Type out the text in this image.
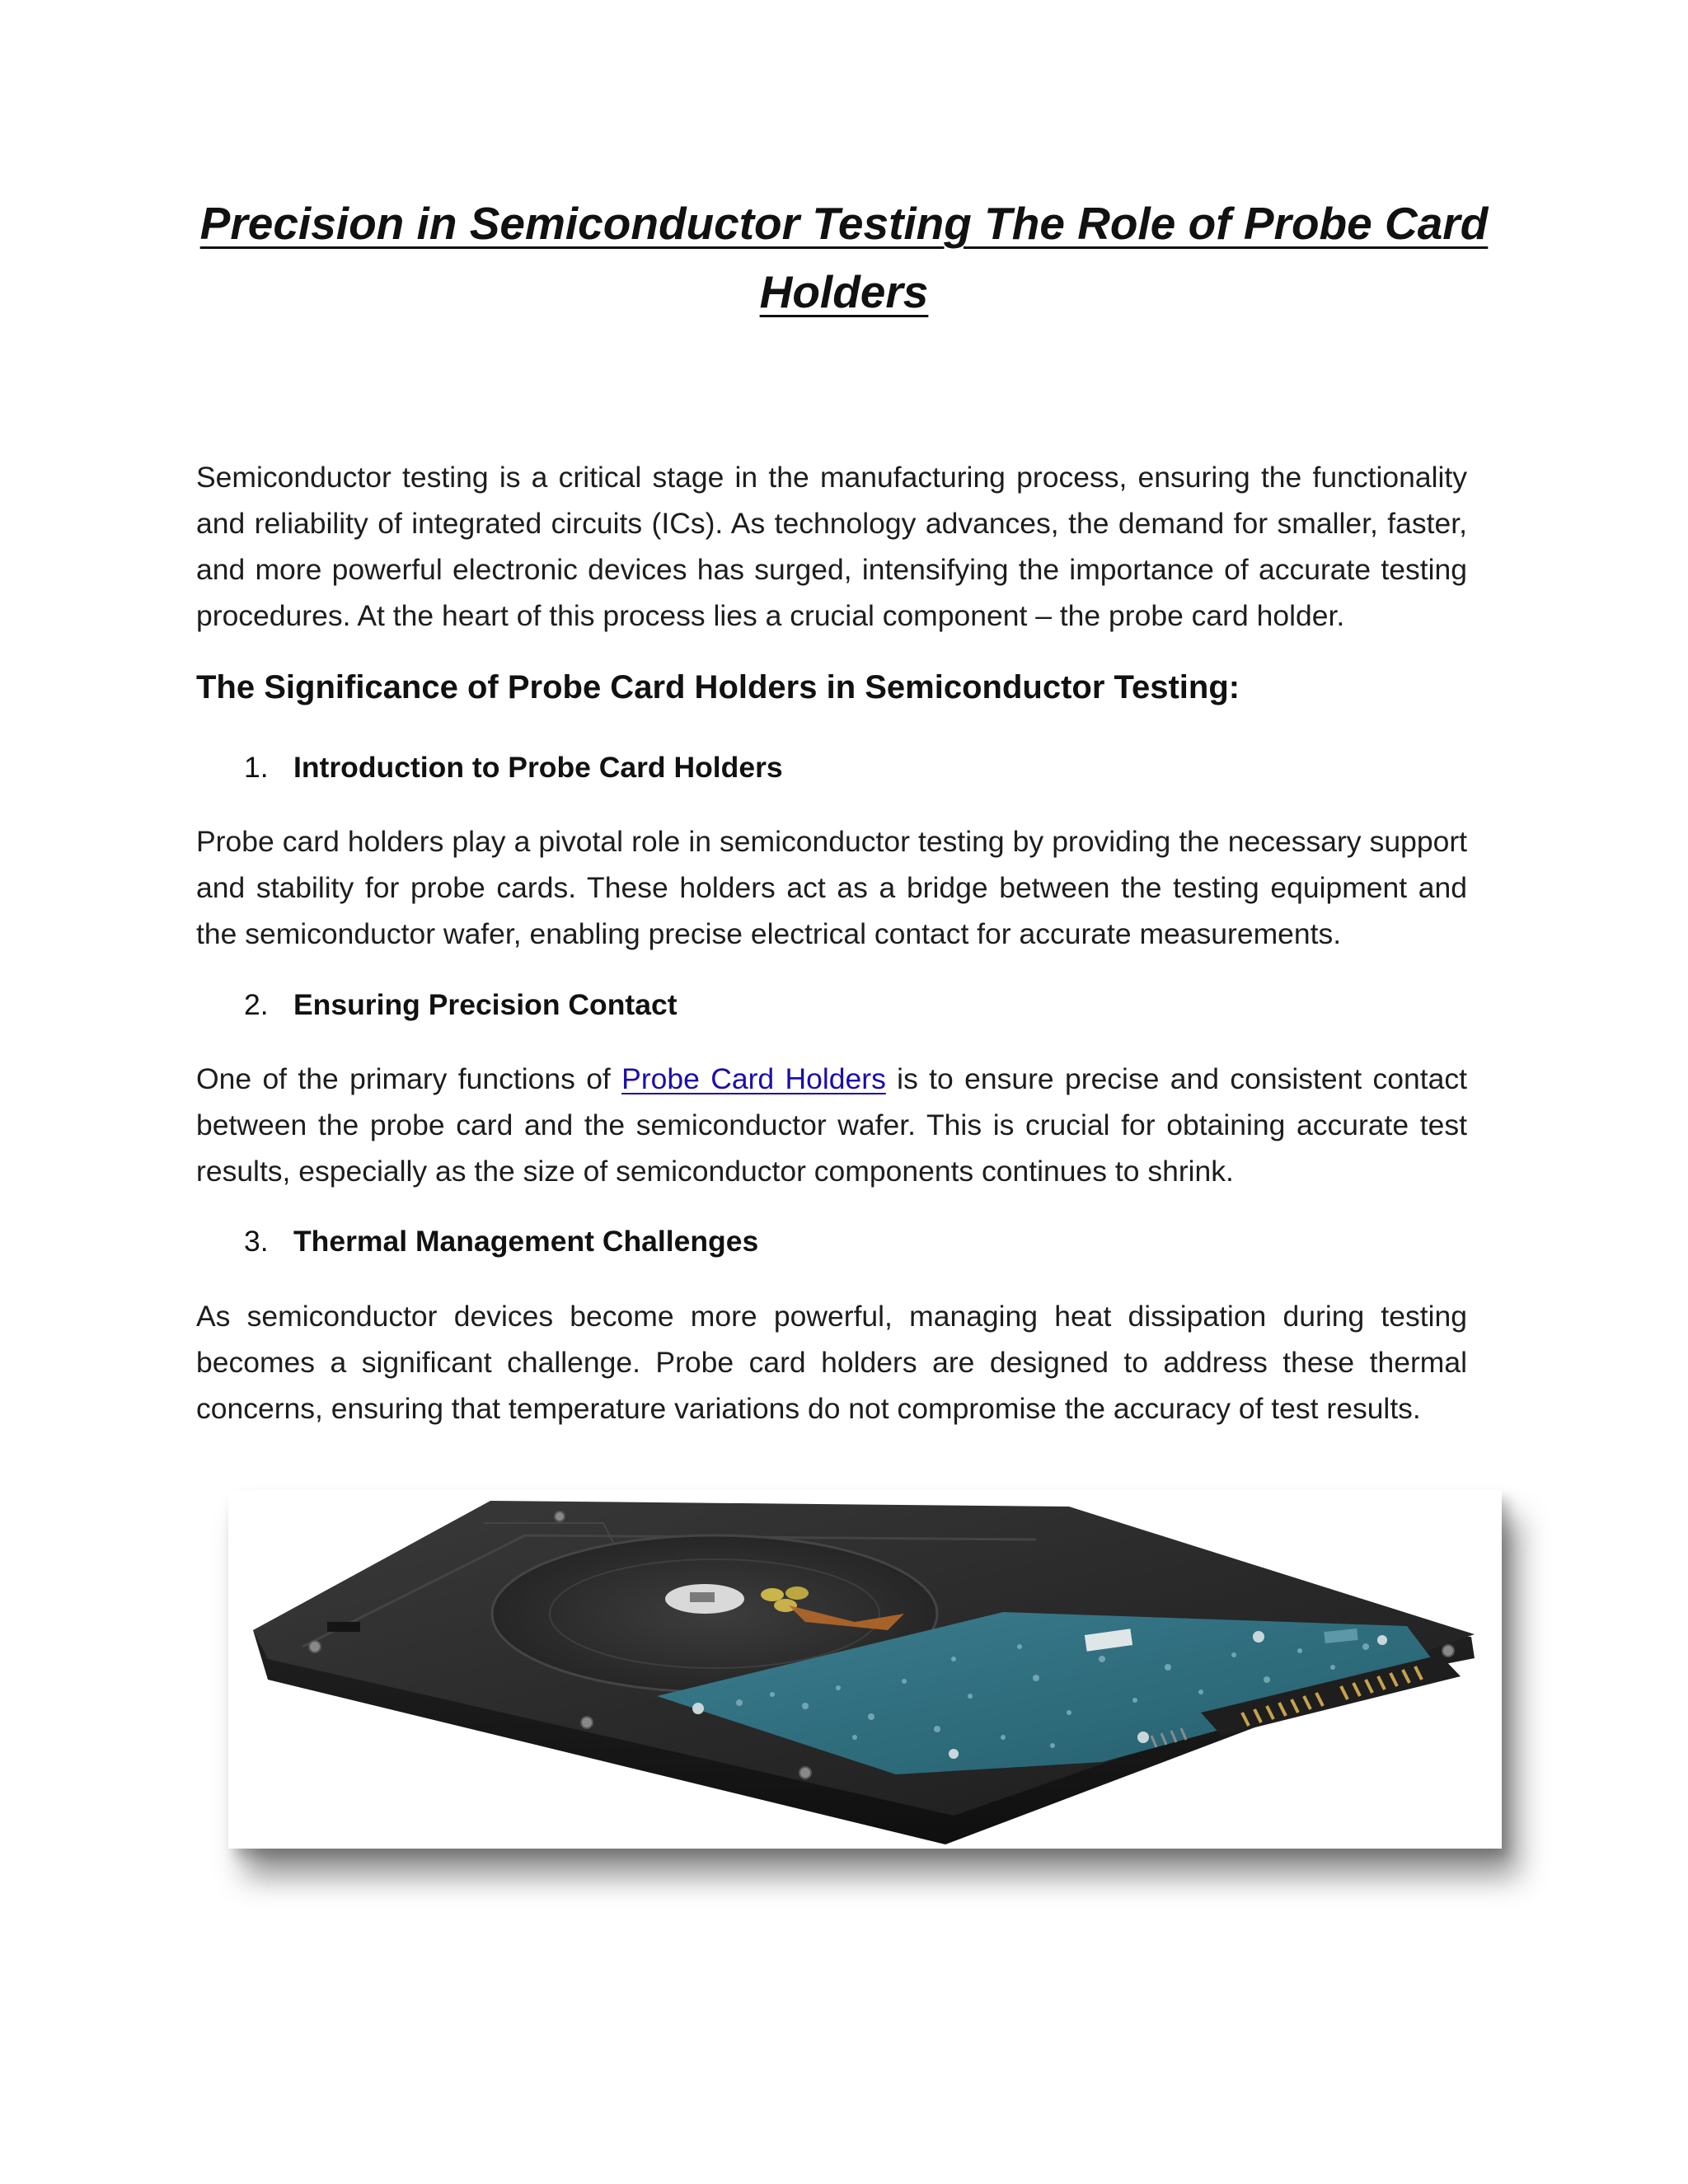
Precision in Semiconductor Testing The Role of Probe Card Holders

Semiconductor testing is a critical stage in the manufacturing process, ensuring the functionality and reliability of integrated circuits (ICs). As technology advances, the demand for smaller, faster, and more powerful electronic devices has surged, intensifying the importance of accurate testing procedures. At the heart of this process lies a crucial component – the probe card holder.

The Significance of Probe Card Holders in Semiconductor Testing:
1. Introduction to Probe Card Holders

Probe card holders play a pivotal role in semiconductor testing by providing the necessary support and stability for probe cards. These holders act as a bridge between the testing equipment and the semiconductor wafer, enabling precise electrical contact for accurate measurements.

2. Ensuring Precision Contact

One of the primary functions of Probe Card Holders is to ensure precise and consistent contact between the probe card and the semiconductor wafer. This is crucial for obtaining accurate test results, especially as the size of semiconductor components continues to shrink.

3. Thermal Management Challenges

As semiconductor devices become more powerful, managing heat dissipation during testing becomes a significant challenge. Probe card holders are designed to address these thermal concerns, ensuring that temperature variations do not compromise the accuracy of test results.
